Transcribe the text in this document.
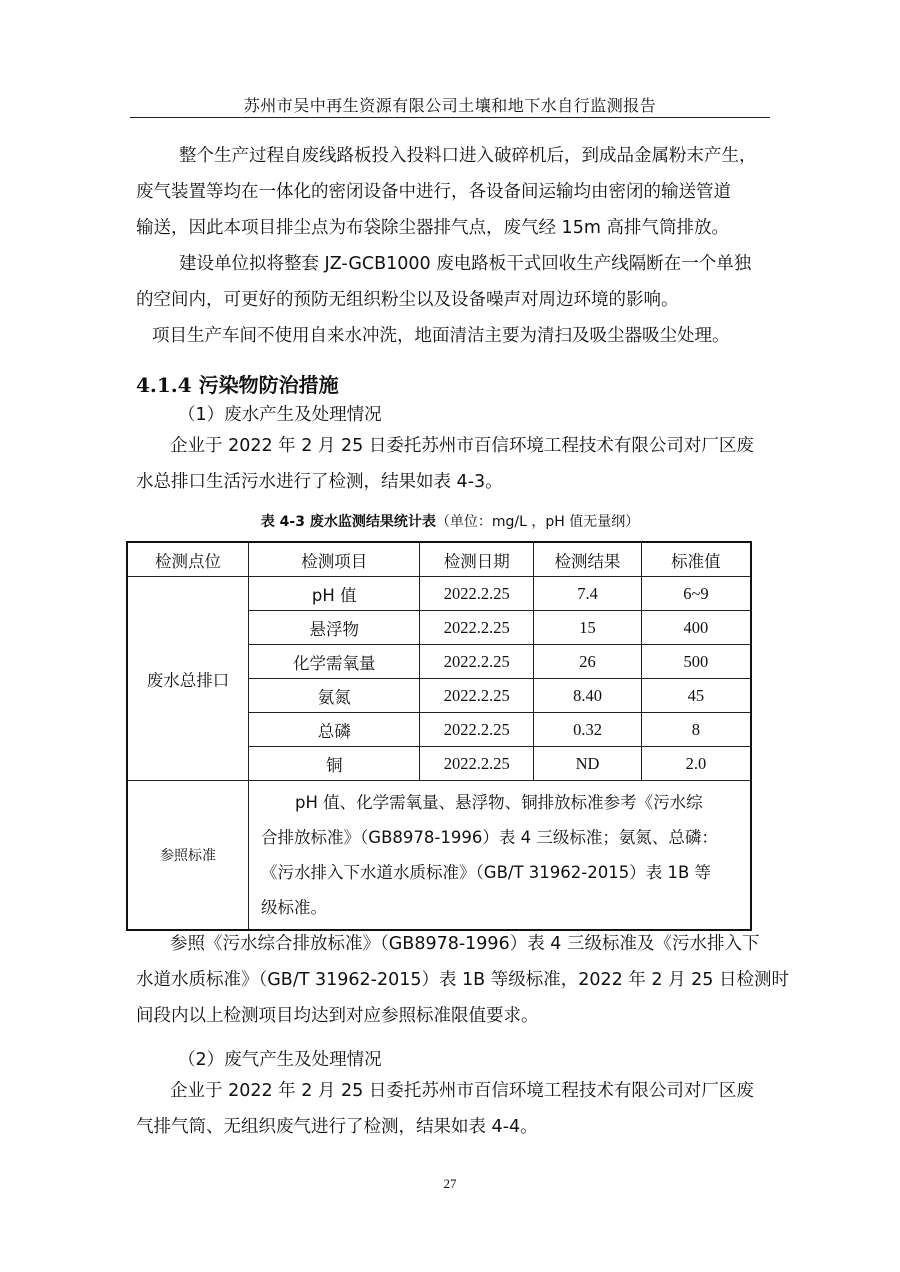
苏州市吴中再生资源有限公司土壤和地下水自行监测报告
整个生产过程自废线路板投入投料口进入破碎机后，到成品金属粉末产生，
废气装置等均在一体化的密闭设备中进行，各设备间运输均由密闭的输送管道
输送，因此本项目排尘点为布袋除尘器排气点，废气经 15m 高排气筒排放。
建设单位拟将整套 JZ-GCB1000 废电路板干式回收生产线隔断在一个单独
的空间内，可更好的预防无组织粉尘以及设备噪声对周边环境的影响。
项目生产车间不使用自来水冲洗，地面清洁主要为清扫及吸尘器吸尘处理。
4.1.4 污染物防治措施
（1）废水产生及处理情况
企业于 2022 年 2 月 25 日委托苏州市百信环境工程技术有限公司对厂区废
水总排口生活污水进行了检测，结果如表 4-3。
表 4-3 废水监测结果统计表（单位：mg/L ，pH 值无量纲）
检测点位	检测项目	检测日期	检测结果	标准值
废水总排口	pH 值	2022.2.25	7.4	6~9
	悬浮物	2022.2.25	15	400
	化学需氧量	2022.2.25	26	500
	氨氮	2022.2.25	8.40	45
	总磷	2022.2.25	0.32	8
	铜	2022.2.25	ND	2.0
参照标准	pH 值、化学需氧量、悬浮物、铜排放标准参考《污水综
合排放标准》（GB8978-1996）表 4 三级标准；氨氮、总磷：
《污水排入下水道水质标准》（GB/T 31962-2015）表 1B 等
级标准。			
参照《污水综合排放标准》（GB8978-1996）表 4 三级标准及《污水排入下
水道水质标准》（GB/T 31962-2015）表 1B 等级标准，2022 年 2 月 25 日检测时
间段内以上检测项目均达到对应参照标准限值要求。
（2）废气产生及处理情况
企业于 2022 年 2 月 25 日委托苏州市百信环境工程技术有限公司对厂区废
气排气筒、无组织废气进行了检测，结果如表 4-4。
27
